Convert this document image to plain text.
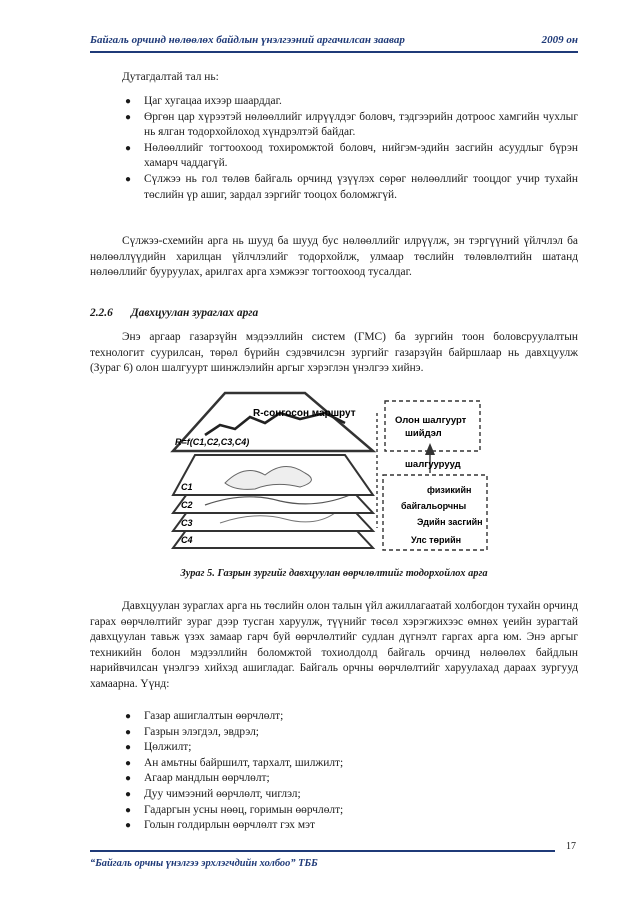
Байгаль орчинд нөлөөлөх байдлын үнэлгээний аргачилсан заавар	2009 он
Дутагдалтай тал нь:
● Цаг хугацаа ихээр шаарддаг.
● Өргөн цар хүрээтэй нөлөөллийг илрүүлдэг боловч, тэдгээрийн дотроос хамгийн чухлыг нь ялган тодорхойлоход хүндрэлтэй байдаг.
● Нөлөөллийг тогтоохоод тохиромжтой боловч, нийгэм-эдийн засгийн асуудлыг бүрэн хамарч чаддагүй.
● Сүлжээ нь гол төлөв байгаль орчинд үзүүлэх сөрөг нөлөөллийг тооцдог учир тухайн төслийн үр ашиг, зардал зэргийг тооцох боломжгүй.
Сүлжээ-схемийн арга нь шууд ба шууд бус нөлөөллийг илрүүлж, эн тэргүүний үйлчлэл ба нөлөөллүүдийн харилцан үйлчлэлийг тодорхойлж, улмаар төслийн төлөвлөлтийн шатанд нөлөөллийг бууруулах, арилгах арга хэмжээг тогтоохоод тусалдаг.
2.2.6 Давхцуулан зураглах арга
Энэ аргаар газарзүйн мэдээллийн систем (ГМС) ба зургийн тоон боловсруулалтын технологит суурилсан, төрөл бүрийн сэдэвчилсэн зургийг газарзүйн байршлаар нь давхцуулж (Зураг 6) олон шалгуурт шинжлэлийн аргыг хэрэглэн үнэлгээ хийнэ.
C4
C3
C2
C1
R-сонгосон маршрут
R=f(C1,C2,C3,C4)
Олон шалгуурт шийдэл
шалгуурууд
физикийн
байгальорчны
Эдийн засгийн
Улс төрийн
Зураг 5. Газрын зургийг давхцуулан өөрчлөлтийг тодорхойлох арга
Давхцуулан зураглах арга нь төслийн олон талын үйл ажиллагаатай холбогдон тухайн орчинд гарах өөрчлөлтийг зураг дээр тусган харуулж, түүнийг төсөл хэрэгжихээс өмнөх үеийн зурагтай давхцуулан тавьж үзэх замаар гарч буй өөрчлөлтийг судлан дүгнэлт гаргах арга юм. Энэ аргыг техникийн болон мэдээллийн боломжтой тохиолдолд байгаль орчинд нөлөөлөх байдлын нарийвчилсан үнэлгээ хийхэд ашигладаг. Байгаль орчны өөрчлөлтийг харуулахад дараах зургууд хамаарна. Үүнд:
● Газар ашиглалтын өөрчлөлт;
● Газрын элэгдэл, эвдрэл;
● Цөлжилт;
● Ан амьтны байршилт, тархалт, шилжилт;
● Агаар мандлын өөрчлөлт;
● Дуу чимээний өөрчлөлт, чиглэл;
● Гадаргын усны нөөц, горимын өөрчлөлт;
● Голын голдирлын өөрчлөлт гэх мэт
17
“Байгаль орчны үнэлгээ эрхлэгчдийн холбоо” ТББ
